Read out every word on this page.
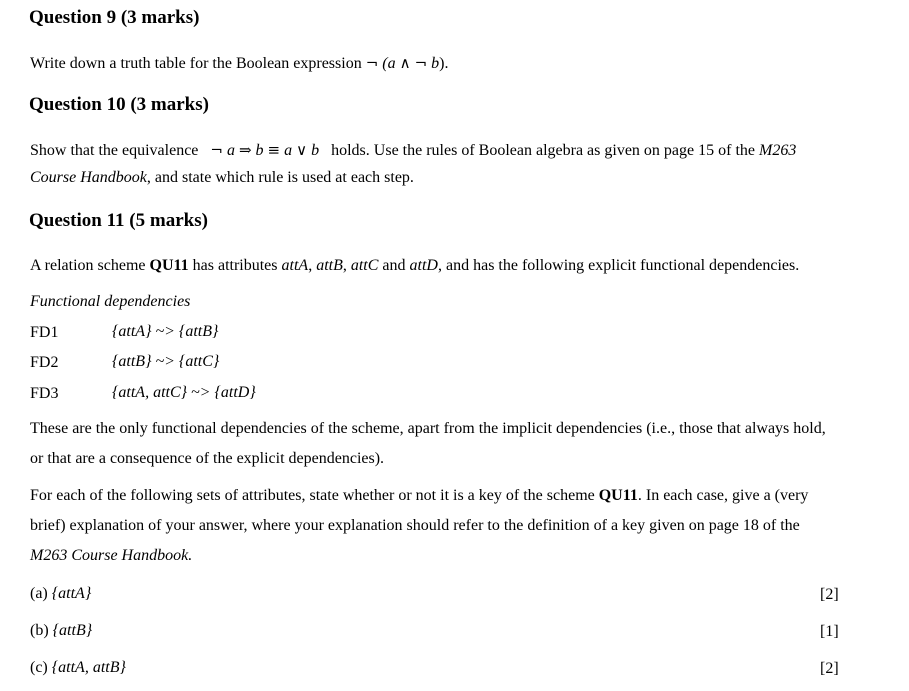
Question 9 (3 marks)
Write down a truth table for the Boolean expression ¬ (a ∧ ¬ b).
Question 10 (3 marks)
Show that the equivalence ¬ a ⇒ b ≡ a ∨ b holds. Use the rules of Boolean algebra as given on page 15 of the M263
Course Handbook, and state which rule is used at each step.
Question 11 (5 marks)
A relation scheme QU11 has attributes attA, attB, attC and attD, and has the following explicit functional dependencies.
Functional dependencies
FD1	{attA} ~> {attB}
FD2	{attB} ~> {attC}
FD3	{attA, attC} ~> {attD}
These are the only functional dependencies of the scheme, apart from the implicit dependencies (i.e., those that always hold,
or that are a consequence of the explicit dependencies).
For each of the following sets of attributes, state whether or not it is a key of the scheme QU11. In each case, give a (very
brief) explanation of your answer, where your explanation should refer to the definition of a key given on page 18 of the
M263 Course Handbook.
(a) {attA}	[2]
(b) {attB}	[1]
(c) {attA, attB}	[2]
